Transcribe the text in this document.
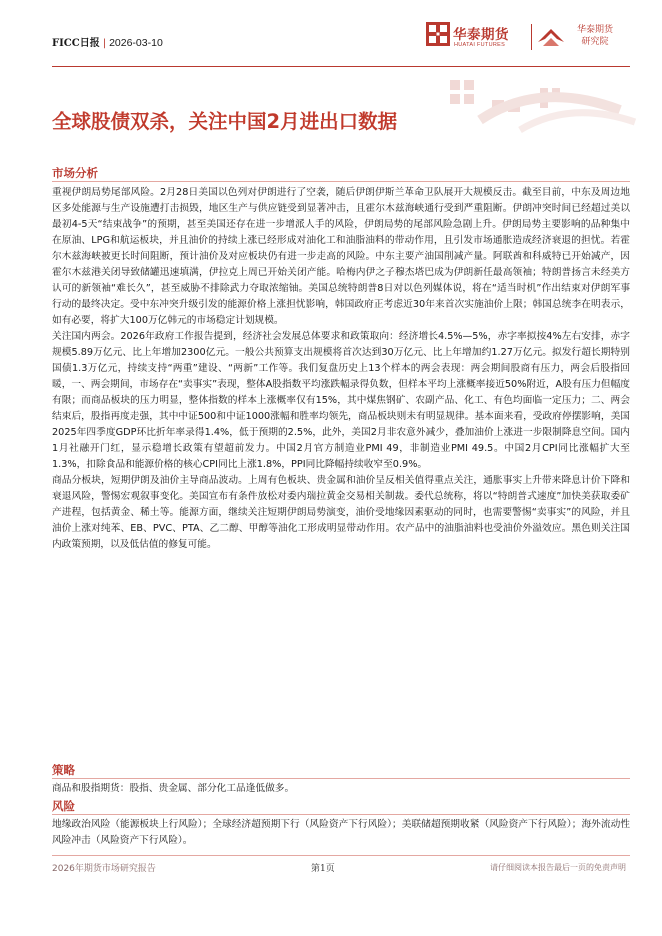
FICC日报 | 2026-03-10	华泰期货
HUATAI FUTURES
华泰期货
研究院
全球股债双杀，关注中国2月进出口数据
市场分析

重视伊朗局势尾部风险。2月28日美国以色列对伊朗进行了空袭，随后伊朗伊斯兰革命卫队展开大规模反击。截至目前，中东及周边地区多处能源与生产设施遭打击损毁，地区生产与供应链受到显著冲击，且霍尔木兹海峡通行受到严重阻断。伊朗冲突时间已经超过美以最初4-5天“结束战争”的预期，甚至美国还存在进一步增派人手的风险，伊朗局势的尾部风险急剧上升。伊朗局势主要影响的品种集中在原油、LPG和航运板块，并且油价的持续上涨已经形成对油化工和油脂油料的带动作用，且引发市场通胀造成经济衰退的担忧。若霍尔木兹海峡被更长时间阻断，预计油价及对应板块仍有进一步走高的风险。中东主要产油国削减产量。阿联酋和科威特已开始减产，因霍尔木兹港关闭导致储罐迅速填满，伊拉克上周已开始关闭产能。哈梅内伊之子穆杰塔巴成为伊朗新任最高领袖；特朗普扬言未经美方认可的新领袖“难长久”，甚至威胁不排除武力夺取浓缩铀。美国总统特朗普8日对以色列媒体说，将在“适当时机”作出结束对伊朗军事行动的最终决定。受中东冲突升级引发的能源价格上涨担忧影响，韩国政府正考虑近30年来首次实施油价上限；韩国总统李在明表示，如有必要，将扩大100万亿韩元的市场稳定计划规模。

关注国内两会。2026年政府工作报告提到，经济社会发展总体要求和政策取向：经济增长4.5%—5%，赤字率拟按4%左右安排，赤字规模5.89万亿元、比上年增加2300亿元。一般公共预算支出规模将首次达到30万亿元、比上年增加约1.27万亿元。拟发行超长期特别国债1.3万亿元，持续支持“两重”建设、“两新”工作等。我们复盘历史上13个样本的两会表现：两会期间股商有压力，两会后股指回暖，一、两会期间，市场存在“卖事实”表现，整体A股指数平均涨跌幅录得负数，但样本平均上涨概率接近50%附近，A股有压力但幅度有限；而商品板块的压力明显，整体指数的样本上涨概率仅有15%，其中煤焦钢矿、农副产品、化工、有色均面临一定压力；二、两会结束后，股指再度走强，其中中证500和中证1000涨幅和胜率均领先，商品板块则未有明显规律。基本面来看，受政府停摆影响，美国2025年四季度GDP环比折年率录得1.4%，低于预期的2.5%，此外，美国2月非农意外减少，叠加油价上涨进一步限制降息空间。国内1月社融开门红，显示稳增长政策有望超前发力。中国2月官方制造业PMI 49，非制造业PMI 49.5。中国2月CPI同比涨幅扩大至1.3%，扣除食品和能源价格的核心CPI同比上涨1.8%，PPI同比降幅持续收窄至0.9%。

商品分板块，短期伊朗及油价主导商品波动。上周有色板块、贵金属和油价呈反相关值得重点关注，通胀事实上升带来降息计价下降和衰退风险，警惕宏观叙事变化。美国宣布有条件放松对委内瑞拉黄金交易相关制裁。委代总统称，将以“特朗普式速度”加快美获取委矿产进程，包括黄金、稀土等。能源方面，继续关注短期伊朗局势演变，油价受地缘因素驱动的同时，也需要警惕“卖事实”的风险，并且油价上涨对纯苯、EB、PVC、PTA、乙二醇、甲醇等油化工形成明显带动作用。农产品中的油脂油料也受油价外溢效应。黑色则关注国内政策预期，以及低估值的修复可能。

策略
商品和股指期货：股指、贵金属、部分化工品逢低做多。
风险
地缘政治风险（能源板块上行风险）；全球经济超预期下行（风险资产下行风险）；美联储超预期收紧（风险资产下行风险）；海外流动性风险冲击（风险资产下行风险）。
2026年期货市场研究报告	第1页	请仔细阅读本报告最后一页的免责声明
